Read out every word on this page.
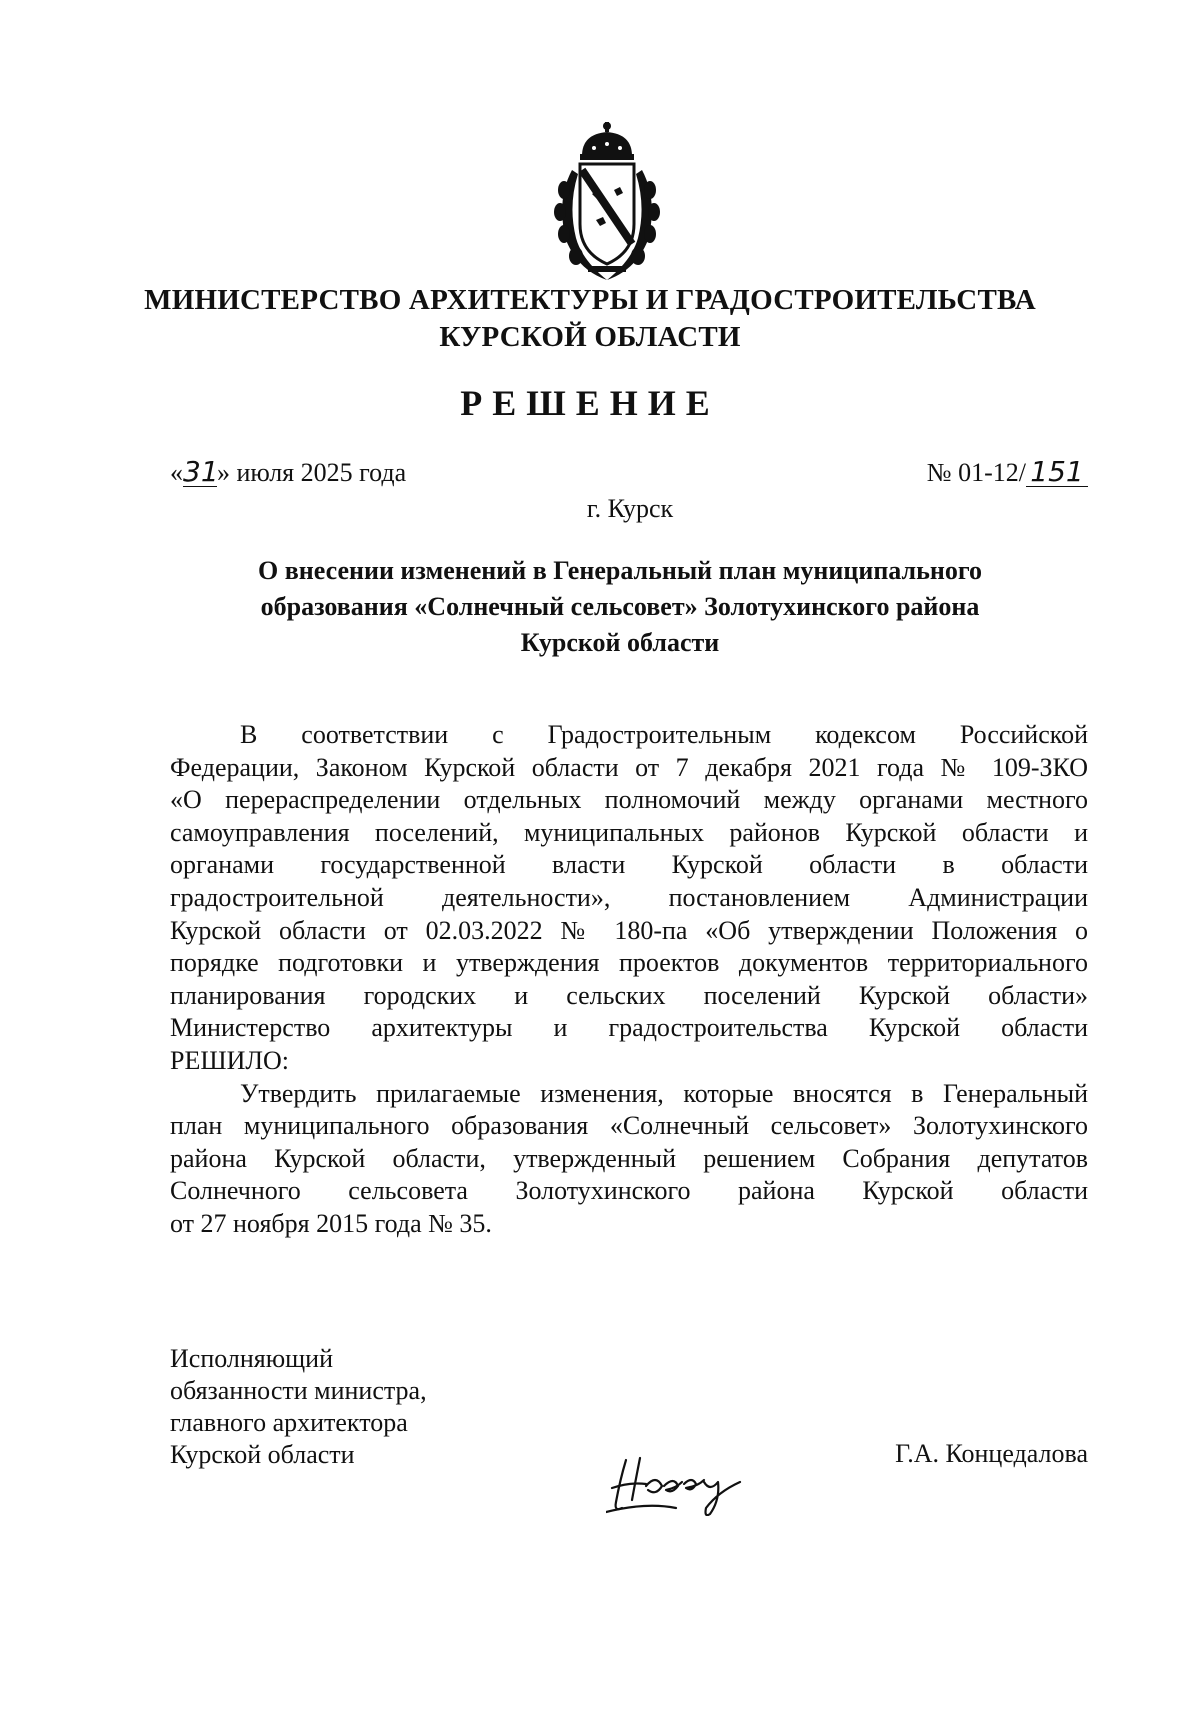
МИНИСТЕРСТВО АРХИТЕКТУРЫ И ГРАДОСТРОИТЕЛЬСТВА
КУРСКОЙ ОБЛАСТИ
РЕШЕНИЕ
«31» июля 2025 года	№ 01-12/ 151
г. Курск
О внесении изменений в Генеральный план муниципального
образования «Солнечный сельсовет» Золотухинского района
Курской области
В соответствии с Градостроительным кодексом Российской
Федерации, Законом Курской области от 7 декабря 2021 года № 109-ЗКО
«О перераспределении отдельных полномочий между органами местного
самоуправления поселений, муниципальных районов Курской области и
органами государственной власти Курской области в области
градостроительной деятельности», постановлением Администрации
Курской области от 02.03.2022 № 180-па «Об утверждении Положения о
порядке подготовки и утверждения проектов документов территориального
планирования городских и сельских поселений Курской области»
Министерство архитектуры и градостроительства Курской области
РЕШИЛО:
Утвердить прилагаемые изменения, которые вносятся в Генеральный
план муниципального образования «Солнечный сельсовет» Золотухинского
района Курской области, утвержденный решением Собрания депутатов
Солнечного сельсовета Золотухинского района Курской области
от 27 ноября 2015 года № 35.
Исполняющий
обязанности министра,
главного архитектора
Курской области	Г.А. Концедалова
